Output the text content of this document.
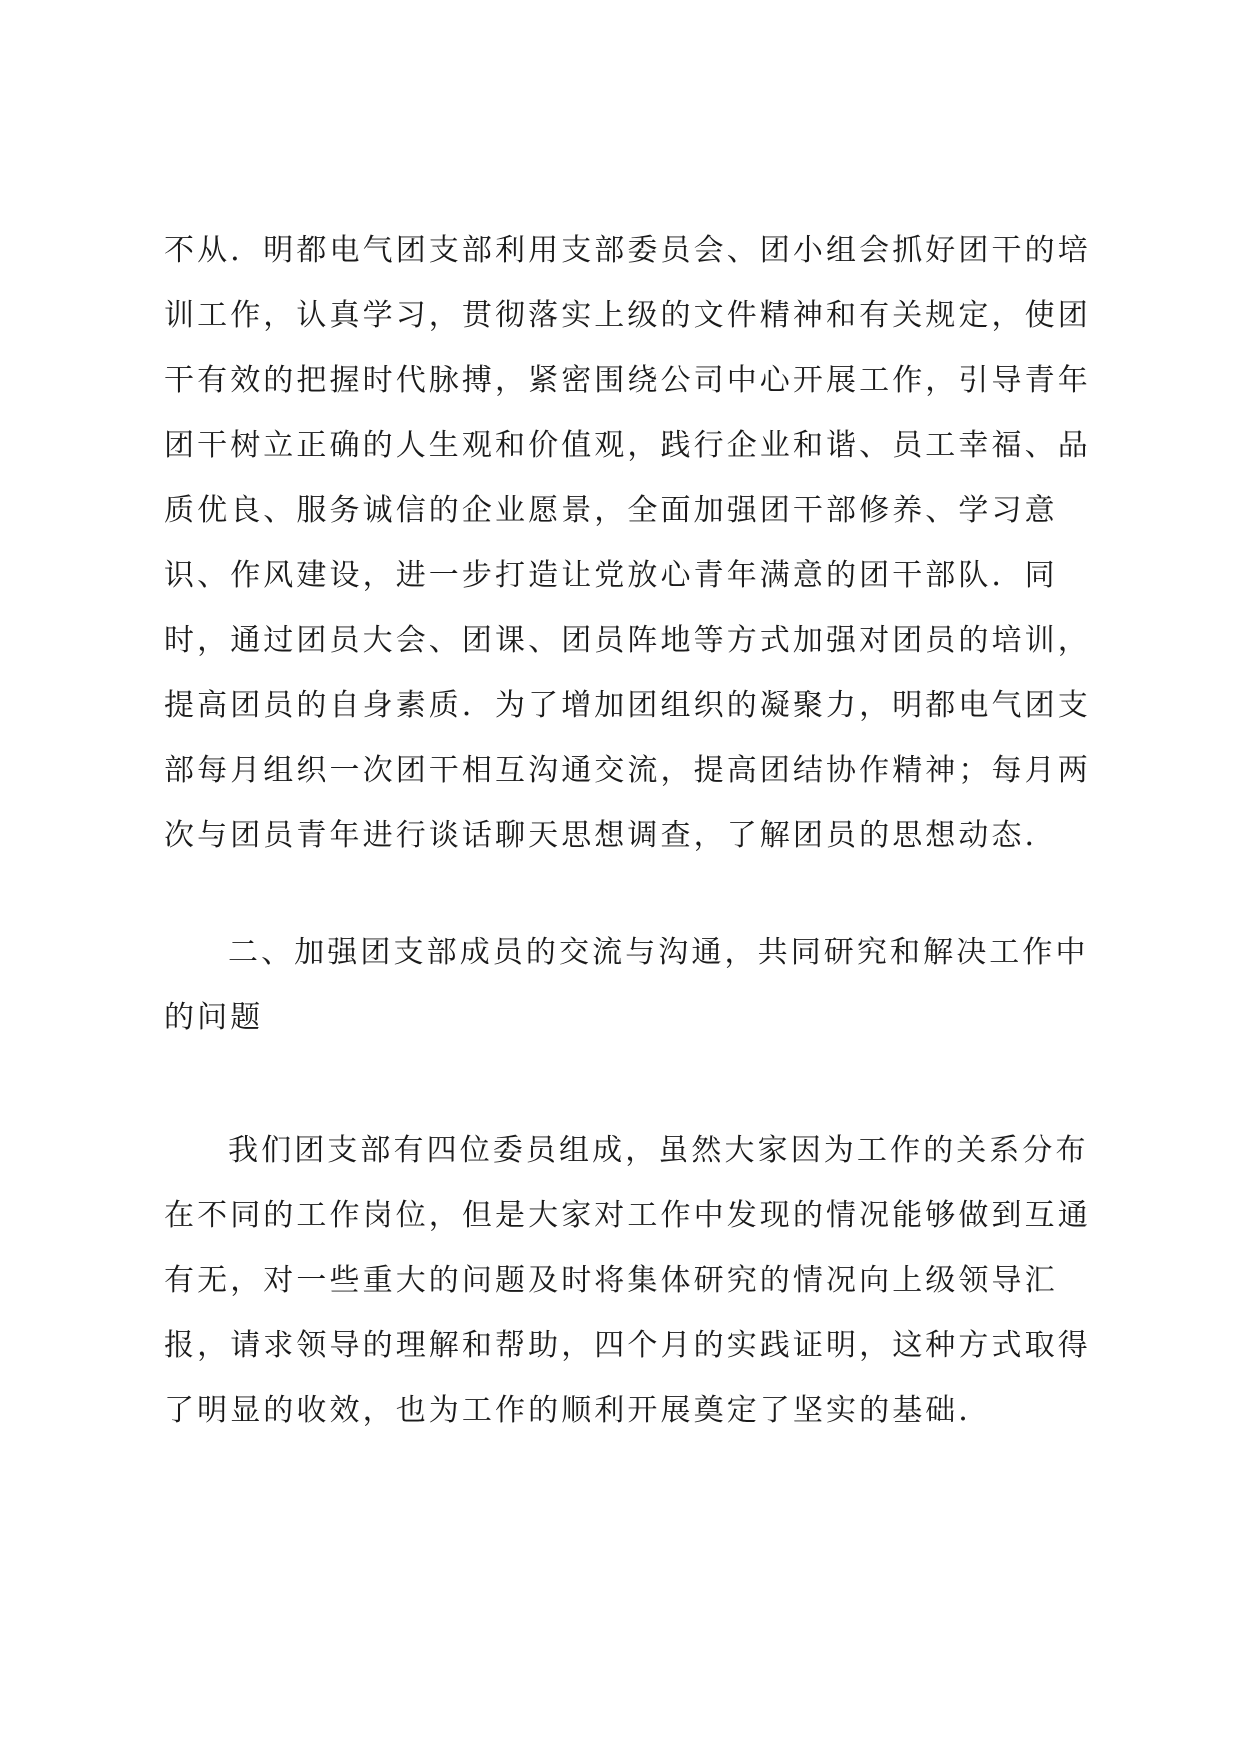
不从．明都电气团支部利用支部委员会、团小组会抓好团干的培
训工作，认真学习，贯彻落实上级的文件精神和有关规定，使团
干有效的把握时代脉搏，紧密围绕公司中心开展工作，引导青年
团干树立正确的人生观和价值观，践行企业和谐、员工幸福、品
质优良、服务诚信的企业愿景，全面加强团干部修养、学习意
识、作风建设，进一步打造让党放心青年满意的团干部队．同
时，通过团员大会、团课、团员阵地等方式加强对团员的培训，
提高团员的自身素质．为了增加团组织的凝聚力，明都电气团支
部每月组织一次团干相互沟通交流，提高团结协作精神；每月两
次与团员青年进行谈话聊天思想调查，了解团员的思想动态．
二、加强团支部成员的交流与沟通，共同研究和解决工作中
的问题
我们团支部有四位委员组成，虽然大家因为工作的关系分布
在不同的工作岗位，但是大家对工作中发现的情况能够做到互通
有无，对一些重大的问题及时将集体研究的情况向上级领导汇
报，请求领导的理解和帮助，四个月的实践证明，这种方式取得
了明显的收效，也为工作的顺利开展奠定了坚实的基础．
